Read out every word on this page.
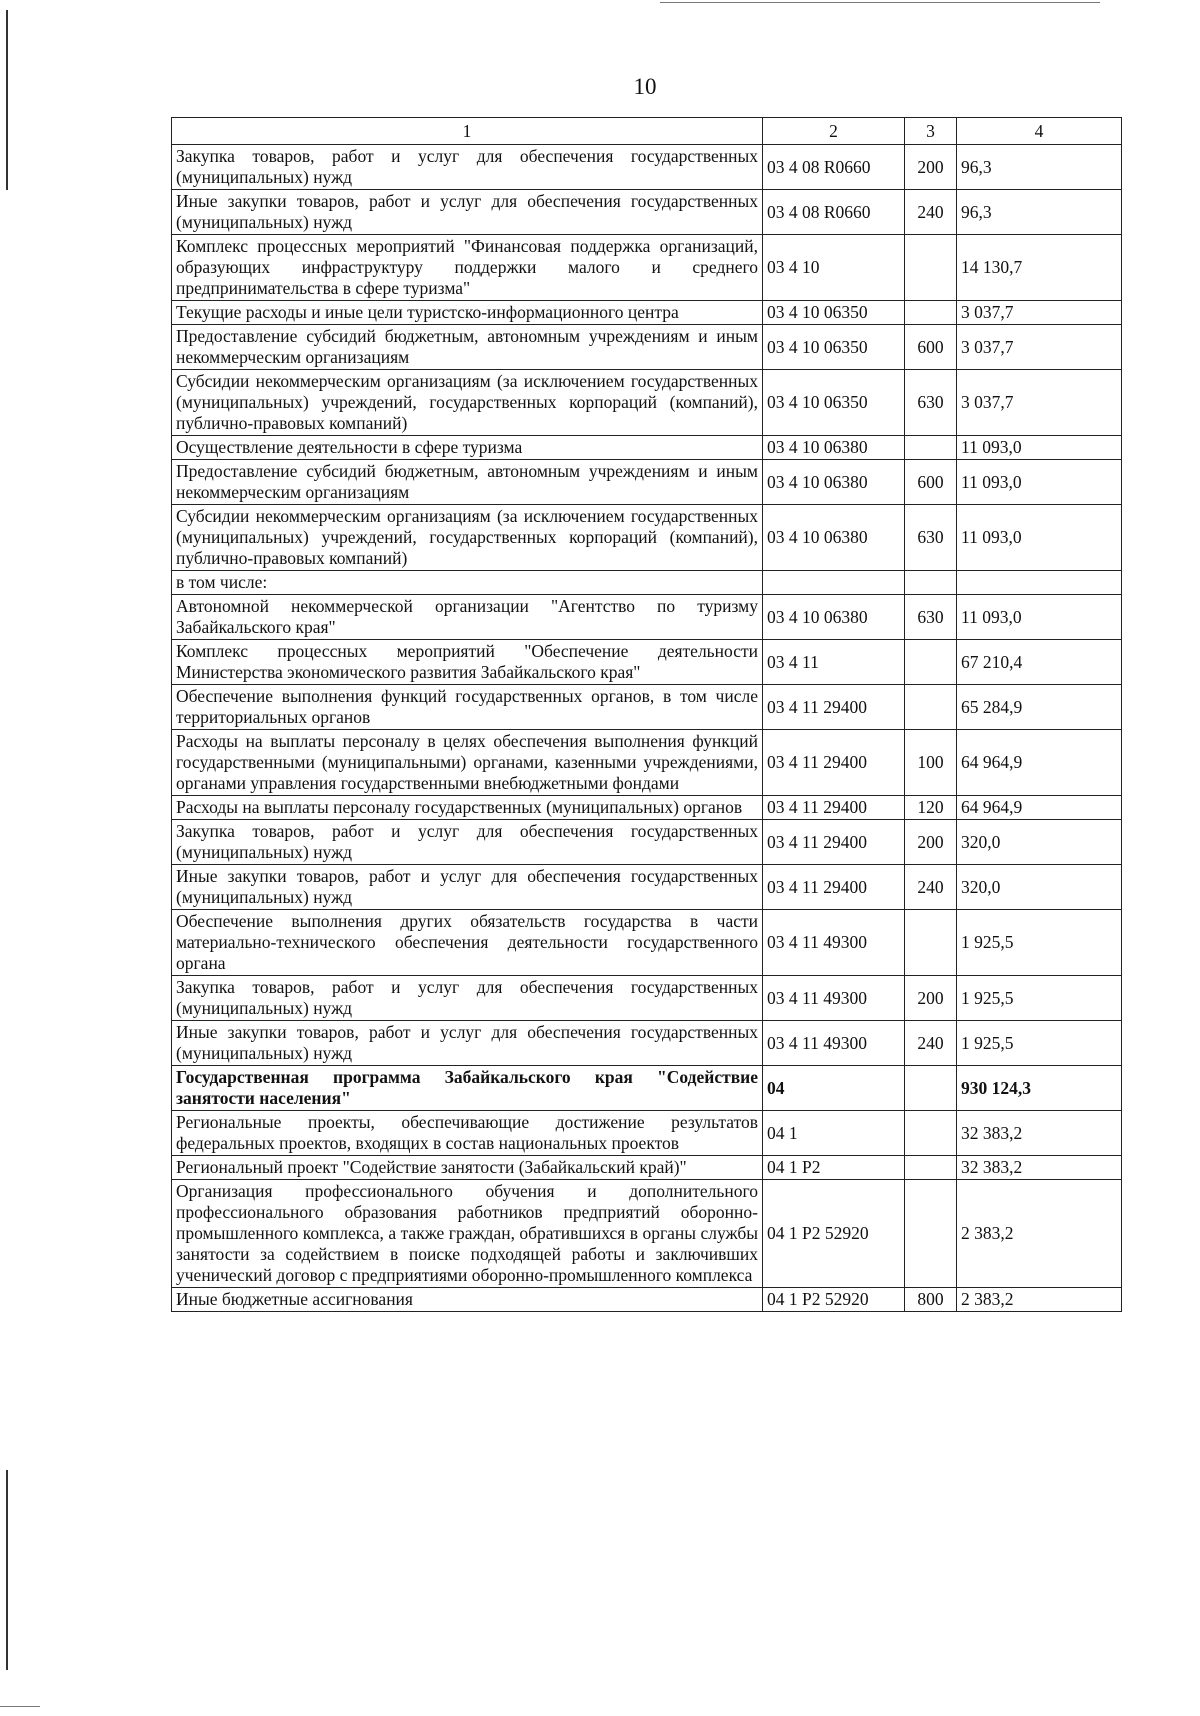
10
1	2	3	4
Закупка товаров, работ и услуг для обеспечения государственных (муниципальных) нужд	03 4 08 R0660	200	96,3
Иные закупки товаров, работ и услуг для обеспечения государственных (муниципальных) нужд	03 4 08 R0660	240	96,3
Комплекс процессных мероприятий "Финансовая поддержка организаций, образующих инфраструктуру поддержки малого и среднего предпринимательства в сфере туризма"	03 4 10		14 130,7
Текущие расходы и иные цели туристско-информационного центра	03 4 10 06350		3 037,7
Предоставление субсидий бюджетным, автономным учреждениям и иным некоммерческим организациям	03 4 10 06350	600	3 037,7
Субсидии некоммерческим организациям (за исключением государственных (муниципальных) учреждений, государственных корпораций (компаний), публично-правовых компаний)	03 4 10 06350	630	3 037,7
Осуществление деятельности в сфере туризма	03 4 10 06380		11 093,0
Предоставление субсидий бюджетным, автономным учреждениям и иным некоммерческим организациям	03 4 10 06380	600	11 093,0
Субсидии некоммерческим организациям (за исключением государственных (муниципальных) учреждений, государственных корпораций (компаний), публично-правовых компаний)	03 4 10 06380	630	11 093,0
в том числе:			
Автономной некоммерческой организации "Агентство по туризму Забайкальского края"	03 4 10 06380	630	11 093,0
Комплекс процессных мероприятий "Обеспечение деятельности Министерства экономического развития Забайкальского края"	03 4 11		67 210,4
Обеспечение выполнения функций государственных органов, в том числе территориальных органов	03 4 11 29400		65 284,9
Расходы на выплаты персоналу в целях обеспечения выполнения функций государственными (муниципальными) органами, казенными учреждениями, органами управления государственными внебюджетными фондами	03 4 11 29400	100	64 964,9
Расходы на выплаты персоналу государственных (муниципальных) органов	03 4 11 29400	120	64 964,9
Закупка товаров, работ и услуг для обеспечения государственных (муниципальных) нужд	03 4 11 29400	200	320,0
Иные закупки товаров, работ и услуг для обеспечения государственных (муниципальных) нужд	03 4 11 29400	240	320,0
Обеспечение выполнения других обязательств государства в части материально-технического обеспечения деятельности государственного органа	03 4 11 49300		1 925,5
Закупка товаров, работ и услуг для обеспечения государственных (муниципальных) нужд	03 4 11 49300	200	1 925,5
Иные закупки товаров, работ и услуг для обеспечения государственных (муниципальных) нужд	03 4 11 49300	240	1 925,5
Государственная программа Забайкальского края "Содействие занятости населения"	04		930 124,3
Региональные проекты, обеспечивающие достижение результатов федеральных проектов, входящих в состав национальных проектов	04 1		32 383,2
Региональный проект "Содействие занятости (Забайкальский край)"	04 1 P2		32 383,2
Организация профессионального обучения и дополнительного профессионального образования работников предприятий оборонно-промышленного комплекса, а также граждан, обратившихся в органы службы занятости за содействием в поиске подходящей работы и заключивших ученический договор с предприятиями оборонно-промышленного комплекса	04 1 P2 52920		2 383,2
Иные бюджетные ассигнования	04 1 P2 52920	800	2 383,2
